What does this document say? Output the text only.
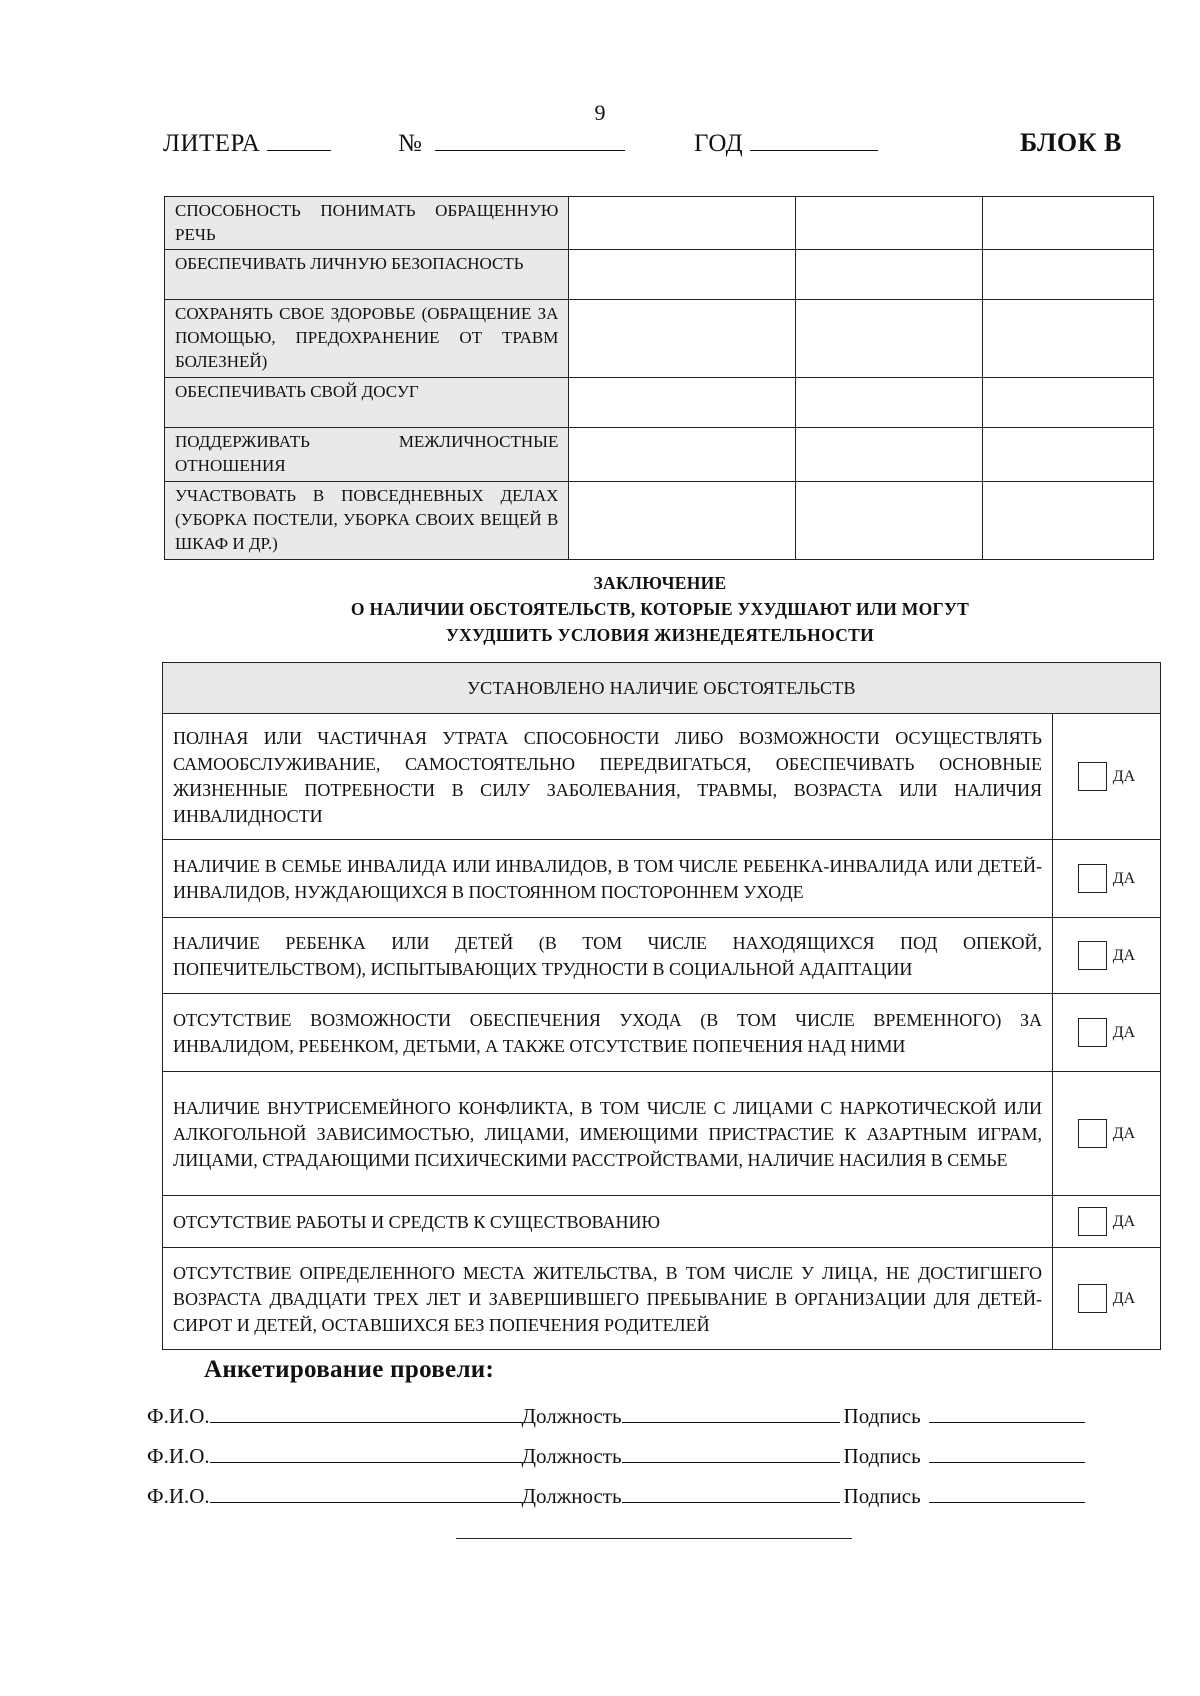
9
ЛИТЕРА	№	ГОД	БЛОК В
СПОСОБНОСТЬ ПОНИМАТЬ ОБРАЩЕННУЮ РЕЧЬ			
ОБЕСПЕЧИВАТЬ ЛИЧНУЮ БЕЗОПАСНОСТЬ			
СОХРАНЯТЬ СВОЕ ЗДОРОВЬЕ (ОБРАЩЕНИЕ ЗА ПОМОЩЬЮ, ПРЕДОХРАНЕНИЕ ОТ ТРАВМ БОЛЕЗНЕЙ)			
ОБЕСПЕЧИВАТЬ СВОЙ ДОСУГ			
ПОДДЕРЖИВАТЬ МЕЖЛИЧНОСТНЫЕ ОТНОШЕНИЯ			
УЧАСТВОВАТЬ В ПОВСЕДНЕВНЫХ ДЕЛАХ (УБОРКА ПОСТЕЛИ, УБОРКА СВОИХ ВЕЩЕЙ В ШКАФ И ДР.)			
ЗАКЛЮЧЕНИЕ
О НАЛИЧИИ ОБСТОЯТЕЛЬСТВ, КОТОРЫЕ УХУДШАЮТ ИЛИ МОГУТ
УХУДШИТЬ УСЛОВИЯ ЖИЗНЕДЕЯТЕЛЬНОСТИ
УСТАНОВЛЕНО НАЛИЧИЕ ОБСТОЯТЕЛЬСТВ	
ПОЛНАЯ ИЛИ ЧАСТИЧНАЯ УТРАТА СПОСОБНОСТИ ЛИБО ВОЗМОЖНОСТИ ОСУЩЕСТВЛЯТЬ САМООБСЛУЖИВАНИЕ, САМОСТОЯТЕЛЬНО ПЕРЕДВИГАТЬСЯ, ОБЕСПЕЧИВАТЬ ОСНОВНЫЕ ЖИЗНЕННЫЕ ПОТРЕБНОСТИ В СИЛУ ЗАБОЛЕВАНИЯ, ТРАВМЫ, ВОЗРАСТА ИЛИ НАЛИЧИЯ ИНВАЛИДНОСТИ	ДА
НАЛИЧИЕ В СЕМЬЕ ИНВАЛИДА ИЛИ ИНВАЛИДОВ, В ТОМ ЧИСЛЕ РЕБЕНКА-ИНВАЛИДА ИЛИ ДЕТЕЙ-ИНВАЛИДОВ, НУЖДАЮЩИХСЯ В ПОСТОЯННОМ ПОСТОРОННЕМ УХОДЕ	ДА
НАЛИЧИЕ РЕБЕНКА ИЛИ ДЕТЕЙ (В ТОМ ЧИСЛЕ НАХОДЯЩИХСЯ ПОД ОПЕКОЙ, ПОПЕЧИТЕЛЬСТВОМ), ИСПЫТЫВАЮЩИХ ТРУДНОСТИ В СОЦИАЛЬНОЙ АДАПТАЦИИ	ДА
ОТСУТСТВИЕ ВОЗМОЖНОСТИ ОБЕСПЕЧЕНИЯ УХОДА (В ТОМ ЧИСЛЕ ВРЕМЕННОГО) ЗА ИНВАЛИДОМ, РЕБЕНКОМ, ДЕТЬМИ, А ТАКЖЕ ОТСУТСТВИЕ ПОПЕЧЕНИЯ НАД НИМИ	ДА
НАЛИЧИЕ ВНУТРИСЕМЕЙНОГО КОНФЛИКТА, В ТОМ ЧИСЛЕ С ЛИЦАМИ С НАРКОТИЧЕСКОЙ ИЛИ АЛКОГОЛЬНОЙ ЗАВИСИМОСТЬЮ, ЛИЦАМИ, ИМЕЮЩИМИ ПРИСТРАСТИЕ К АЗАРТНЫМ ИГРАМ, ЛИЦАМИ, СТРАДАЮЩИМИ ПСИХИЧЕСКИМИ РАССТРОЙСТВАМИ, НАЛИЧИЕ НАСИЛИЯ В СЕМЬЕ	ДА
ОТСУТСТВИЕ РАБОТЫ И СРЕДСТВ К СУЩЕСТВОВАНИЮ	ДА
ОТСУТСТВИЕ ОПРЕДЕЛЕННОГО МЕСТА ЖИТЕЛЬСТВА, В ТОМ ЧИСЛЕ У ЛИЦА, НЕ ДОСТИГШЕГО ВОЗРАСТА ДВАДЦАТИ ТРЕХ ЛЕТ И ЗАВЕРШИВШЕГО ПРЕБЫВАНИЕ В ОРГАНИЗАЦИИ ДЛЯ ДЕТЕЙ-СИРОТ И ДЕТЕЙ, ОСТАВШИХСЯ БЕЗ ПОПЕЧЕНИЯ РОДИТЕЛЕЙ	ДА
Анкетирование провели:
Ф.И.О.	Должность	Подпись
Ф.И.О.	Должность	Подпись
Ф.И.О.	Должность	Подпись
